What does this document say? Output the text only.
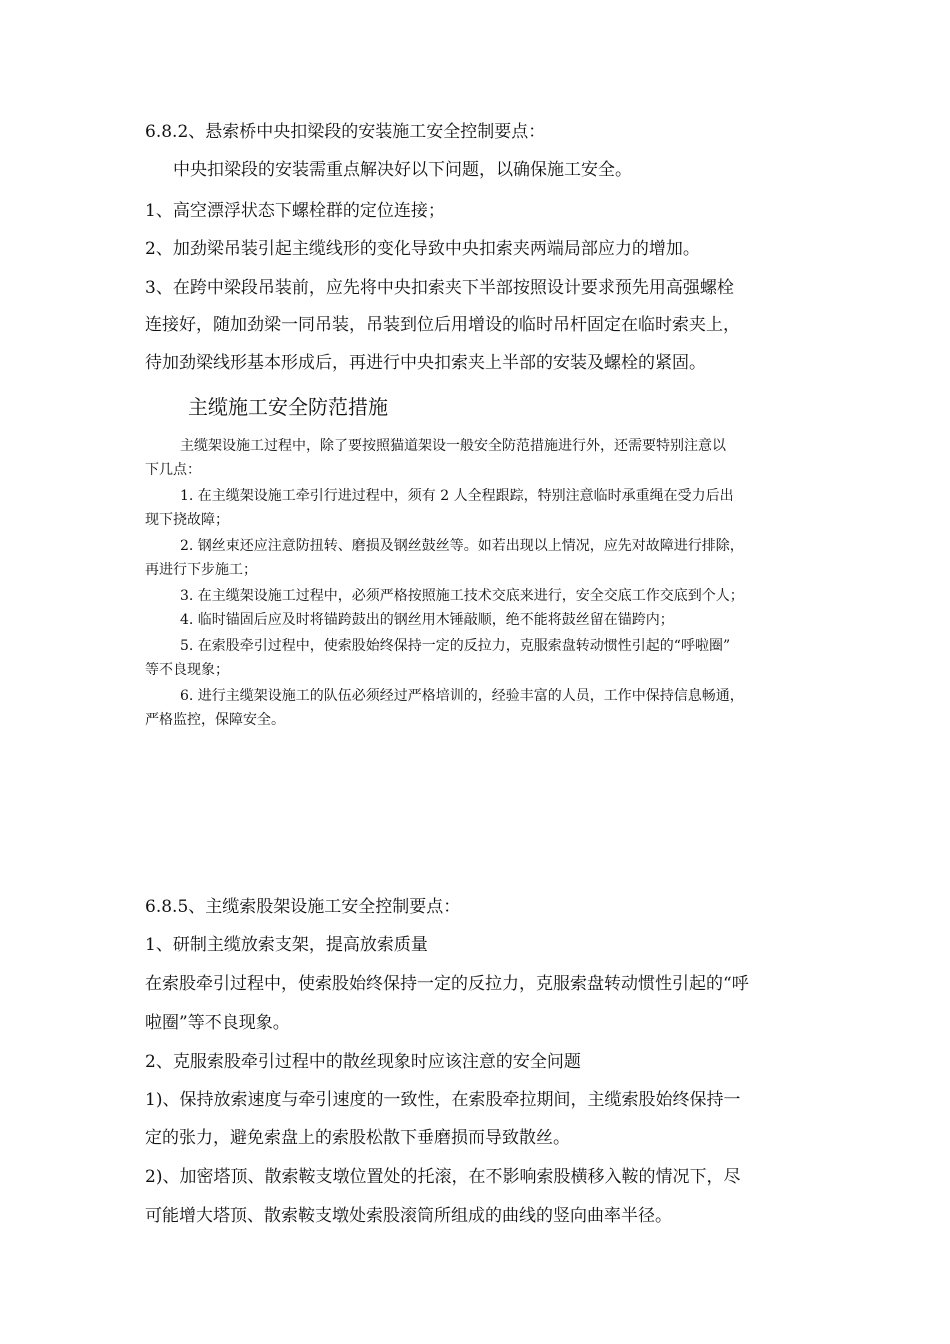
6.8.2、悬索桥中央扣梁段的安装施工安全控制要点：

中央扣梁段的安装需重点解决好以下问题，以确保施工安全。

1、高空漂浮状态下螺栓群的定位连接；

2、加劲梁吊装引起主缆线形的变化导致中央扣索夹两端局部应力的增加。

3、在跨中梁段吊装前，应先将中央扣索夹下半部按照设计要求预先用高强螺栓

连接好，随加劲梁一同吊装，吊装到位后用增设的临时吊杆固定在临时索夹上，

待加劲梁线形基本形成后，再进行中央扣索夹上半部的安装及螺栓的紧固。

主缆施工安全防范措施

主缆架设施工过程中，除了要按照猫道架设一般安全防范措施进行外，还需要特别注意以

下几点：

1. 在主缆架设施工牵引行进过程中，须有 2 人全程跟踪，特别注意临时承重绳在受力后出

现下挠故障；

2. 钢丝束还应注意防扭转、磨损及钢丝鼓丝等。如若出现以上情况，应先对故障进行排除，

再进行下步施工；

3. 在主缆架设施工过程中，必须严格按照施工技术交底来进行，安全交底工作交底到个人；

4. 临时锚固后应及时将锚跨鼓出的钢丝用木锤敲顺，绝不能将鼓丝留在锚跨内；

5. 在索股牵引过程中，使索股始终保持一定的反拉力，克服索盘转动惯性引起的“呼啦圈”

等不良现象；

6. 进行主缆架设施工的队伍必须经过严格培训的，经验丰富的人员，工作中保持信息畅通，

严格监控，保障安全。

6.8.5、主缆索股架设施工安全控制要点：

1、研制主缆放索支架，提高放索质量

在索股牵引过程中，使索股始终保持一定的反拉力，克服索盘转动惯性引起的“呼

啦圈”等不良现象。

2、克服索股牵引过程中的散丝现象时应该注意的安全问题

1)、保持放索速度与牵引速度的一致性，在索股牵拉期间，主缆索股始终保持一

定的张力，避免索盘上的索股松散下垂磨损而导致散丝。

2)、加密塔顶、散索鞍支墩位置处的托滚，在不影响索股横移入鞍的情况下，尽

可能增大塔顶、散索鞍支墩处索股滚筒所组成的曲线的竖向曲率半径。
